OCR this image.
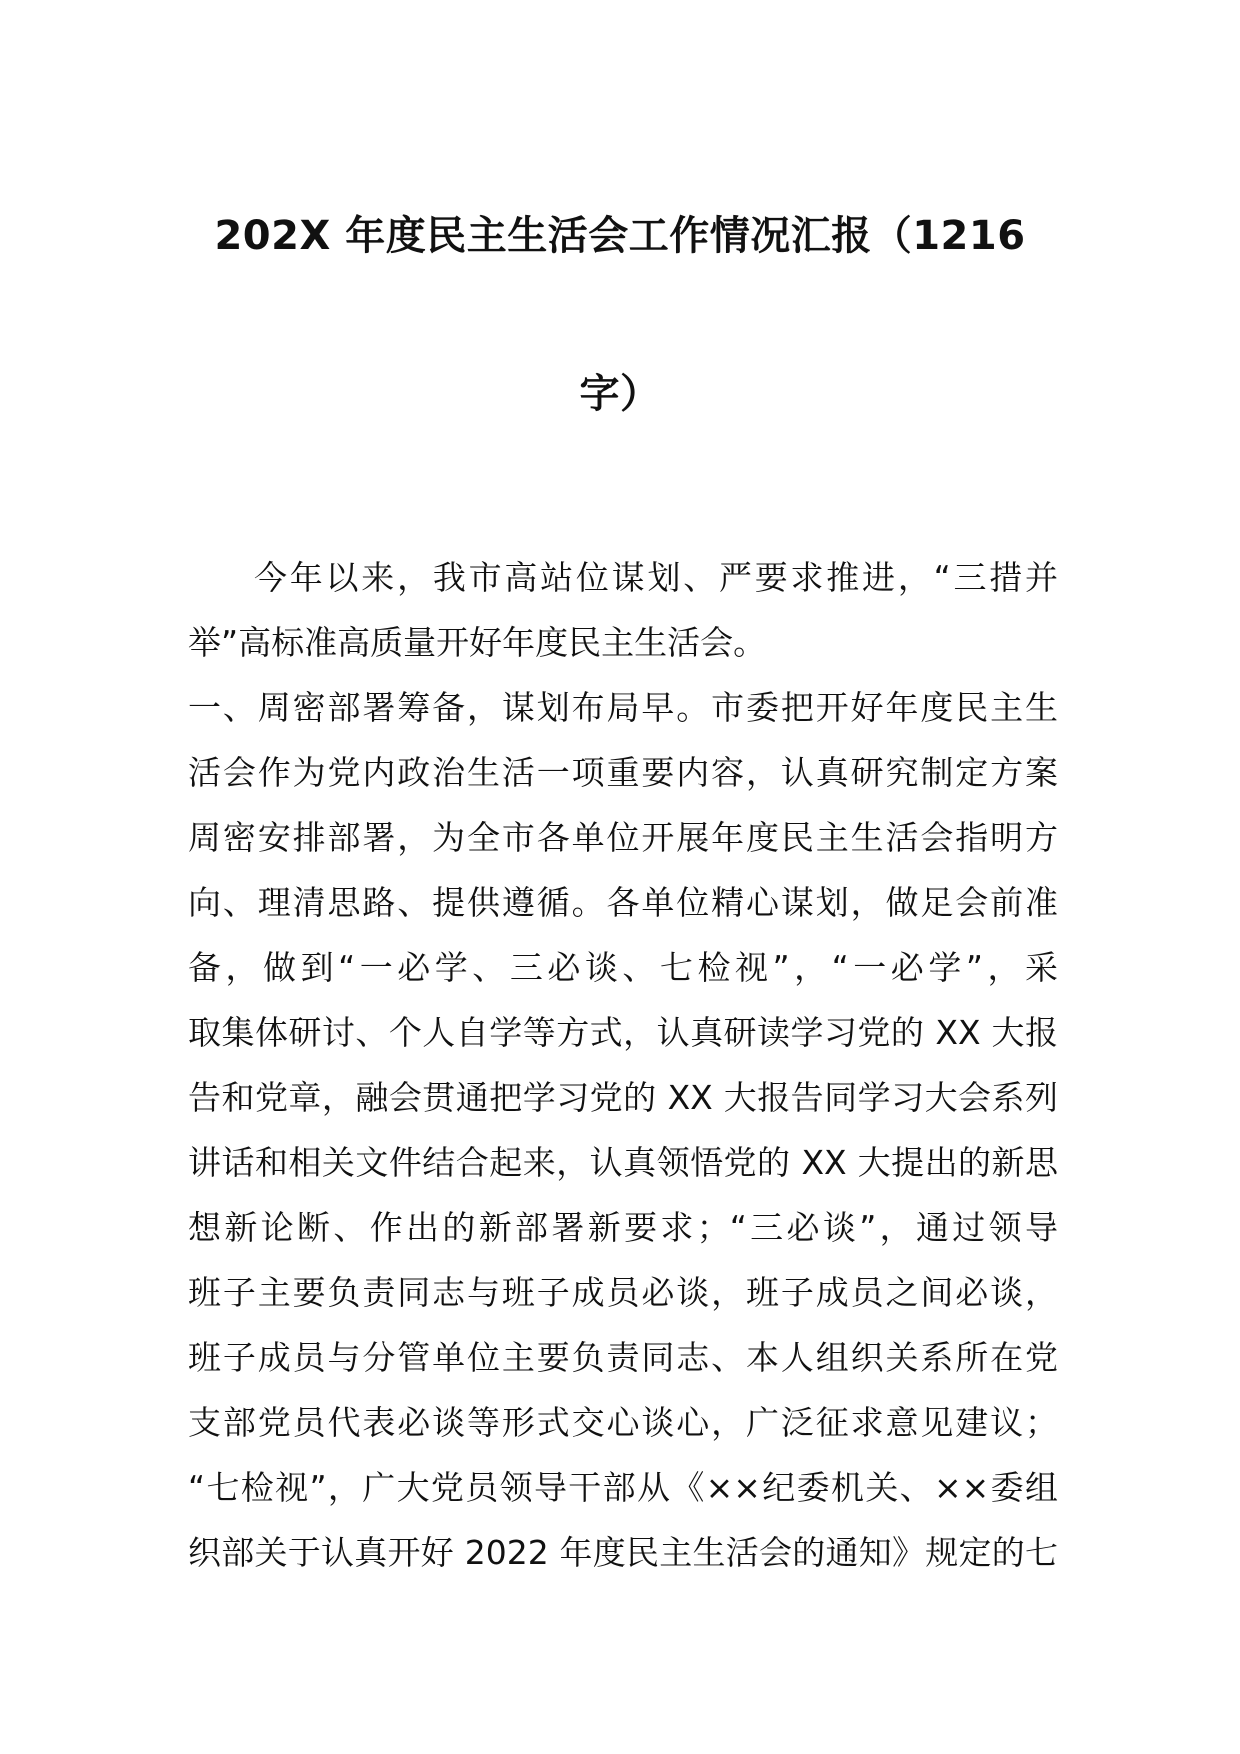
202X 年度民主生活会工作情况汇报（1216
字）
今年以来，我市高站位谋划、严要求推进，“三措并
举”高标准高质量开好年度民主生活会。
一、周密部署筹备，谋划布局早。市委把开好年度民主生
活会作为党内政治生活一项重要内容，认真研究制定方案
周密安排部署，为全市各单位开展年度民主生活会指明方
向、理清思路、提供遵循。各单位精心谋划，做足会前准
备，做到“一必学、三必谈、七检视”，“一必学”，采
取集体研讨、个人自学等方式，认真研读学习党的 XX 大报
告和党章，融会贯通把学习党的 XX 大报告同学习大会系列
讲话和相关文件结合起来，认真领悟党的 XX 大提出的新思
想新论断、作出的新部署新要求；“三必谈”，通过领导
班子主要负责同志与班子成员必谈，班子成员之间必谈，
班子成员与分管单位主要负责同志、本人组织关系所在党
支部党员代表必谈等形式交心谈心，广泛征求意见建议；
“七检视”，广大党员领导干部从《××纪委机关、××委组
织部关于认真开好 2022 年度民主生活会的通知》规定的七
